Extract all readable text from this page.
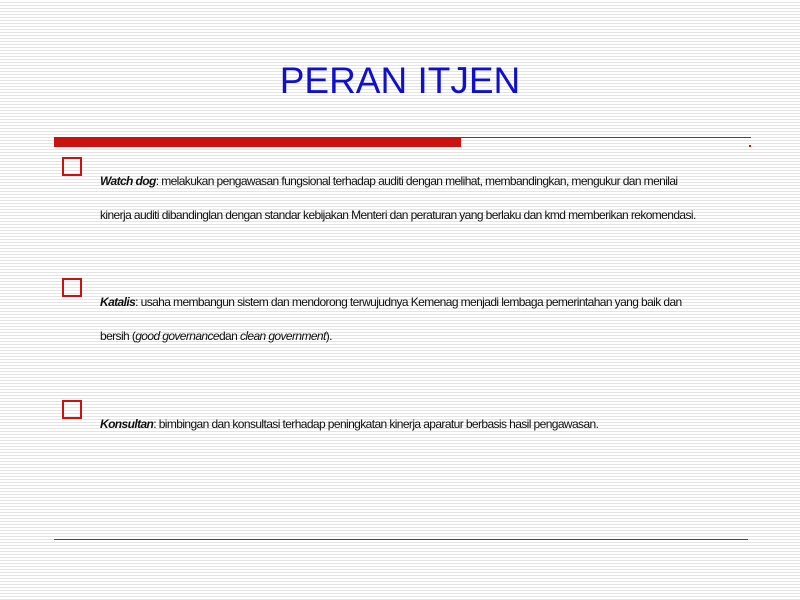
PERAN ITJEN

Watch dog: melakukan pengawasan fungsional terhadap auditi dengan melihat, membandingkan, mengukur dan menilai kinerja auditi dibandinglan dengan standar kebijakan Menteri dan peraturan yang berlaku dan kmd memberikan rekomendasi.

Katalis: usaha membangun sistem dan mendorong terwujudnya Kemenag menjadi lembaga pemerintahan yang baik dan bersih (good governancedan clean government).

Konsultan: bimbingan dan konsultasi terhadap peningkatan kinerja aparatur berbasis hasil pengawasan.
